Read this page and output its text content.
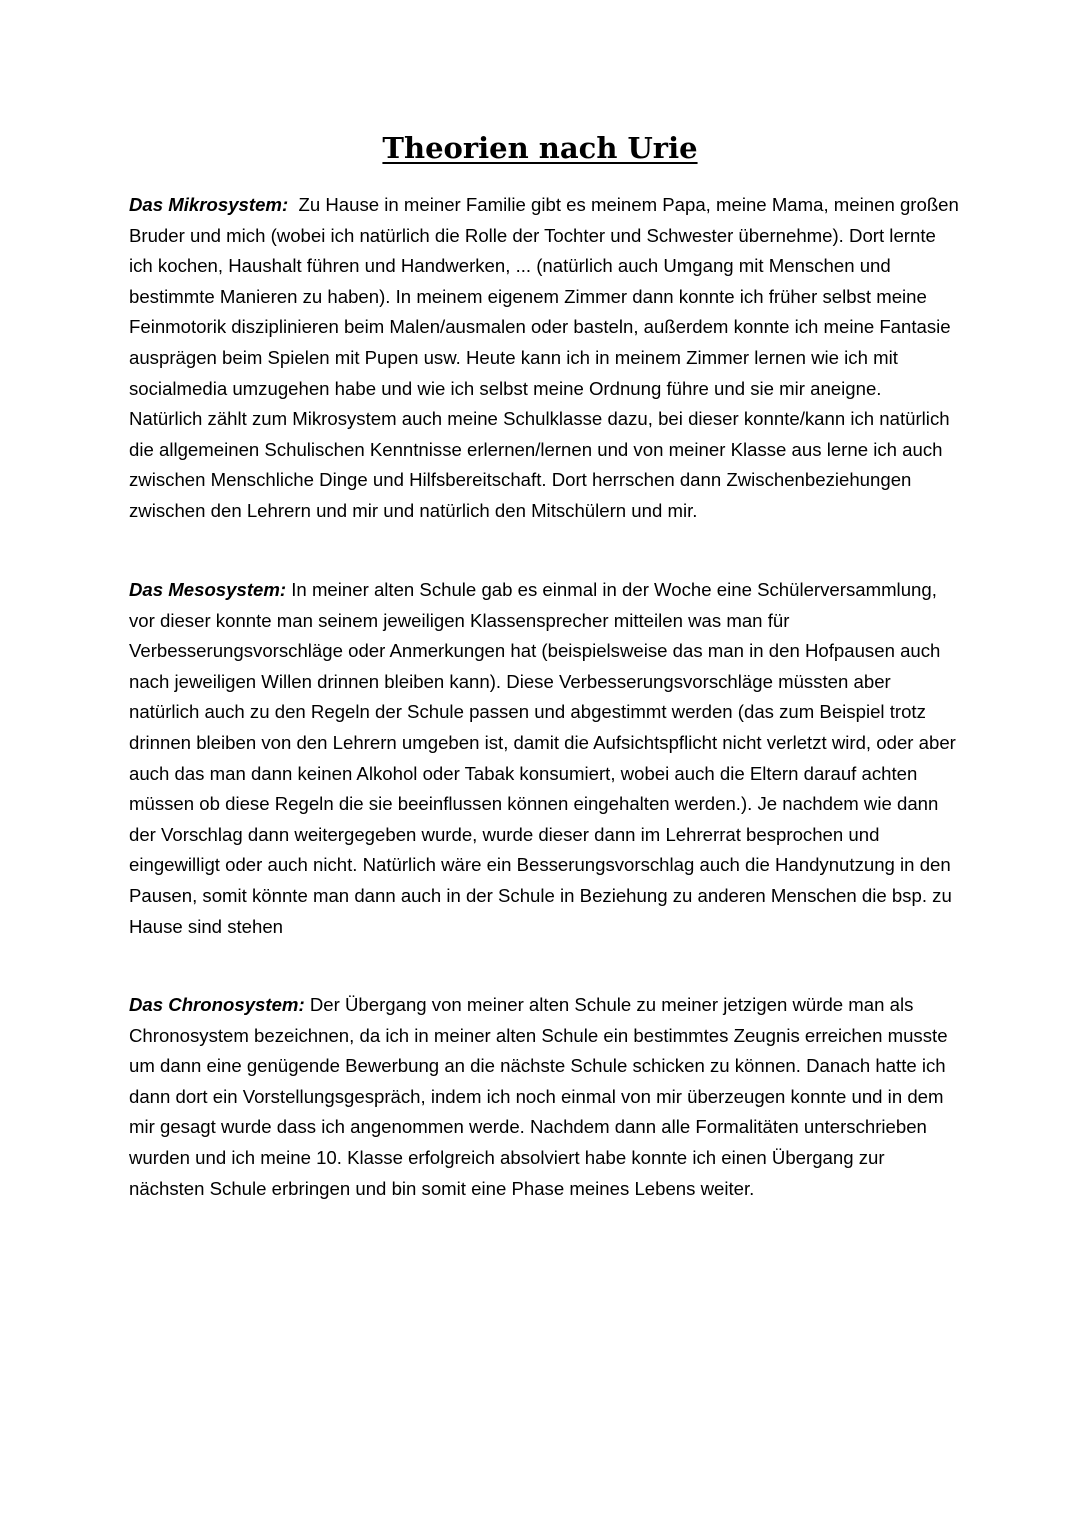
Theorien nach Urie

Das Mikrosystem:  Zu Hause in meiner Familie gibt es meinem Papa, meine Mama, meinen großen Bruder und mich (wobei ich natürlich die Rolle der Tochter und Schwester übernehme). Dort lernte ich kochen, Haushalt führen und Handwerken, ... (natürlich auch Umgang mit Menschen und bestimmte Manieren zu haben). In meinem eigenem Zimmer dann konnte ich früher selbst meine Feinmotorik disziplinieren beim Malen/ausmalen oder basteln, außerdem konnte ich meine Fantasie ausprägen beim Spielen mit Pupen usw. Heute kann ich in meinem Zimmer lernen wie ich mit socialmedia umzugehen habe und wie ich selbst meine Ordnung führe und sie mir aneigne. Natürlich zählt zum Mikrosystem auch meine Schulklasse dazu, bei dieser konnte/kann ich natürlich die allgemeinen Schulischen Kenntnisse erlernen/lernen und von meiner Klasse aus lerne ich auch zwischen Menschliche Dinge und Hilfsbereitschaft. Dort herrschen dann Zwischenbeziehungen zwischen den Lehrern und mir und natürlich den Mitschülern und mir.

Das Mesosystem: In meiner alten Schule gab es einmal in der Woche eine Schülerversammlung, vor dieser konnte man seinem jeweiligen Klassensprecher mitteilen was man für Verbesserungsvorschläge oder Anmerkungen hat (beispielsweise das man in den Hofpausen auch nach jeweiligen Willen drinnen bleiben kann). Diese Verbesserungsvorschläge müssten aber natürlich auch zu den Regeln der Schule passen und abgestimmt werden (das zum Beispiel trotz drinnen bleiben von den Lehrern umgeben ist, damit die Aufsichtspflicht nicht verletzt wird, oder aber auch das man dann keinen Alkohol oder Tabak konsumiert, wobei auch die Eltern darauf achten müssen ob diese Regeln die sie beeinflussen können eingehalten werden.). Je nachdem wie dann der Vorschlag dann weitergegeben wurde, wurde dieser dann im Lehrerrat besprochen und eingewilligt oder auch nicht. Natürlich wäre ein Besserungsvorschlag auch die Handynutzung in den Pausen, somit könnte man dann auch in der Schule in Beziehung zu anderen Menschen die bsp. zu Hause sind stehen

Das Chronosystem: Der Übergang von meiner alten Schule zu meiner jetzigen würde man als Chronosystem bezeichnen, da ich in meiner alten Schule ein bestimmtes Zeugnis erreichen musste um dann eine genügende Bewerbung an die nächste Schule schicken zu können. Danach hatte ich dann dort ein Vorstellungsgespräch, indem ich noch einmal von mir überzeugen konnte und in dem mir gesagt wurde dass ich angenommen werde. Nachdem dann alle Formalitäten unterschrieben wurden und ich meine 10. Klasse erfolgreich absolviert habe konnte ich einen Übergang zur nächsten Schule erbringen und bin somit eine Phase meines Lebens weiter.
